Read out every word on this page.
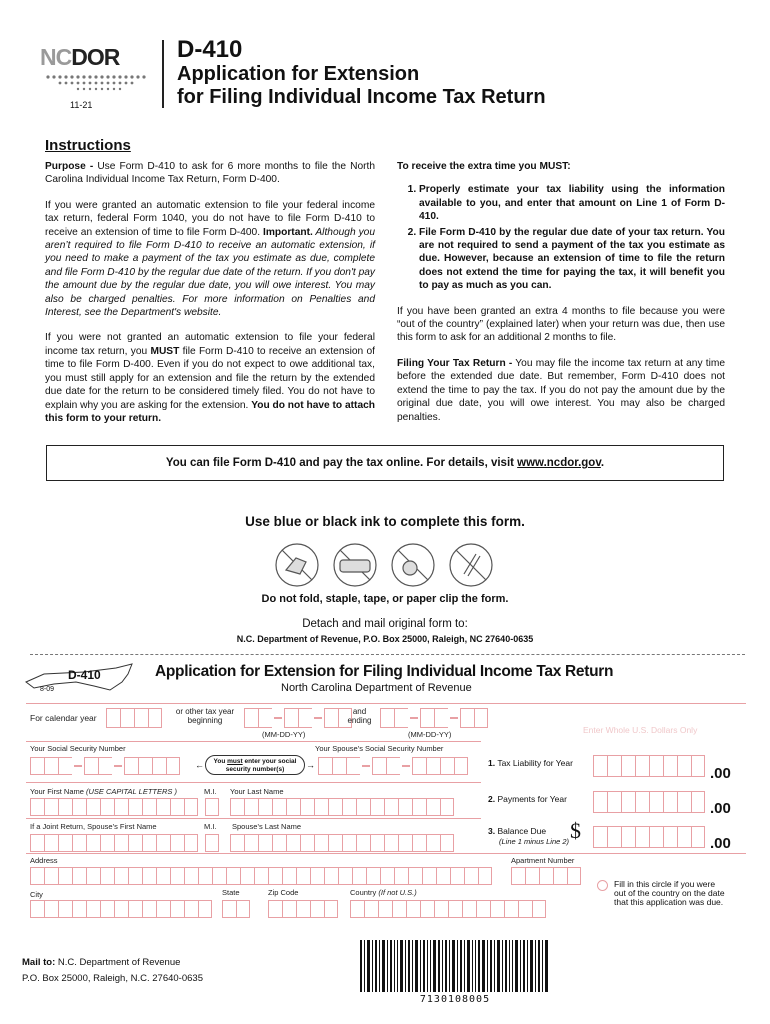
NCDOR
11-21
D-410
Application for Extension
for Filing Individual Income Tax Return
Instructions

Purpose - Use Form D-410 to ask for 6 more months to file the North Carolina Individual Income Tax Return, Form D-400.

If you were granted an automatic extension to file your federal income tax return, federal Form 1040, you do not have to file Form D-410 to receive an extension of time to file Form D-400. Important. Although you aren’t required to file Form D-410 to receive an automatic extension, if you need to make a payment of the tax you estimate as due, complete and file Form D-410 by the regular due date of the return. If you don't pay the amount due by the regular due date, you will owe interest. You may also be charged penalties. For more information on Penalties and Interest, see the Department's website.

If you were not granted an automatic extension to file your federal income tax return, you MUST file Form D-410 to receive an extension of time to file Form D-400. Even if you do not expect to owe additional tax, you must still apply for an extension and file the return by the extended due date for the return to be considered timely filed. You do not have to explain why you are asking for the extension. You do not have to attach this form to your return.

To receive the extra time you MUST:
1. Properly estimate your tax liability using the information available to you, and enter that amount on Line 1 of Form D-410.
2. File Form D-410 by the regular due date of your tax return. You are not required to send a payment of the tax you estimate as due. However, because an extension of time to file the return does not extend the time for paying the tax, it will benefit you to pay as much as you can.

If you have been granted an extra 4 months to file because you were “out of the country” (explained later) when your return was due, then use this form to ask for an additional 2 months to file.

Filing Your Tax Return - You may file the income tax return at any time before the extended due date. But remember, Form D-410 does not extend the time to pay the tax. If you do not pay the amount due by the original due date, you will owe interest. You may also be charged penalties.

You can file Form D-410 and pay the tax online. For details, visit www.ncdor.gov.
Use blue or black ink to complete this form.
Do not fold, staple, tape, or paper clip the form.
Detach and mail original form to:
N.C. Department of Revenue, P.O. Box 25000, Raleigh, NC 27640-0635
D-410
8-09
Application for Extension for Filing Individual Income Tax Return
North Carolina Department of Revenue
For calendar year
or other tax year beginning
(MM-DD-YY)
and ending
(MM-DD-YY)	Enter Whole U.S. Dollars Only
Your Social Security Number	Your Spouse’s Social Security Number
You must enter your social security number(s)
←	→
Your First Name (USE CAPITAL LETTERS )	M.I. Your Last Name
If a Joint Return, Spouse’s First Name	M.I. Spouse’s Last Name
Address	Apartment Number
City	State	Zip Code	Country (If not U.S.)
1. Tax Liability for Year
.00
2. Payments for Year
.00
3. Balance Due
(Line 1 minus Line 2) $
.00
Fill in this circle if you were out of the country on the date that this application was due.
Mail to: N.C. Department of Revenue
P.O. Box 25000, Raleigh, N.C. 27640-0635
7130108005
